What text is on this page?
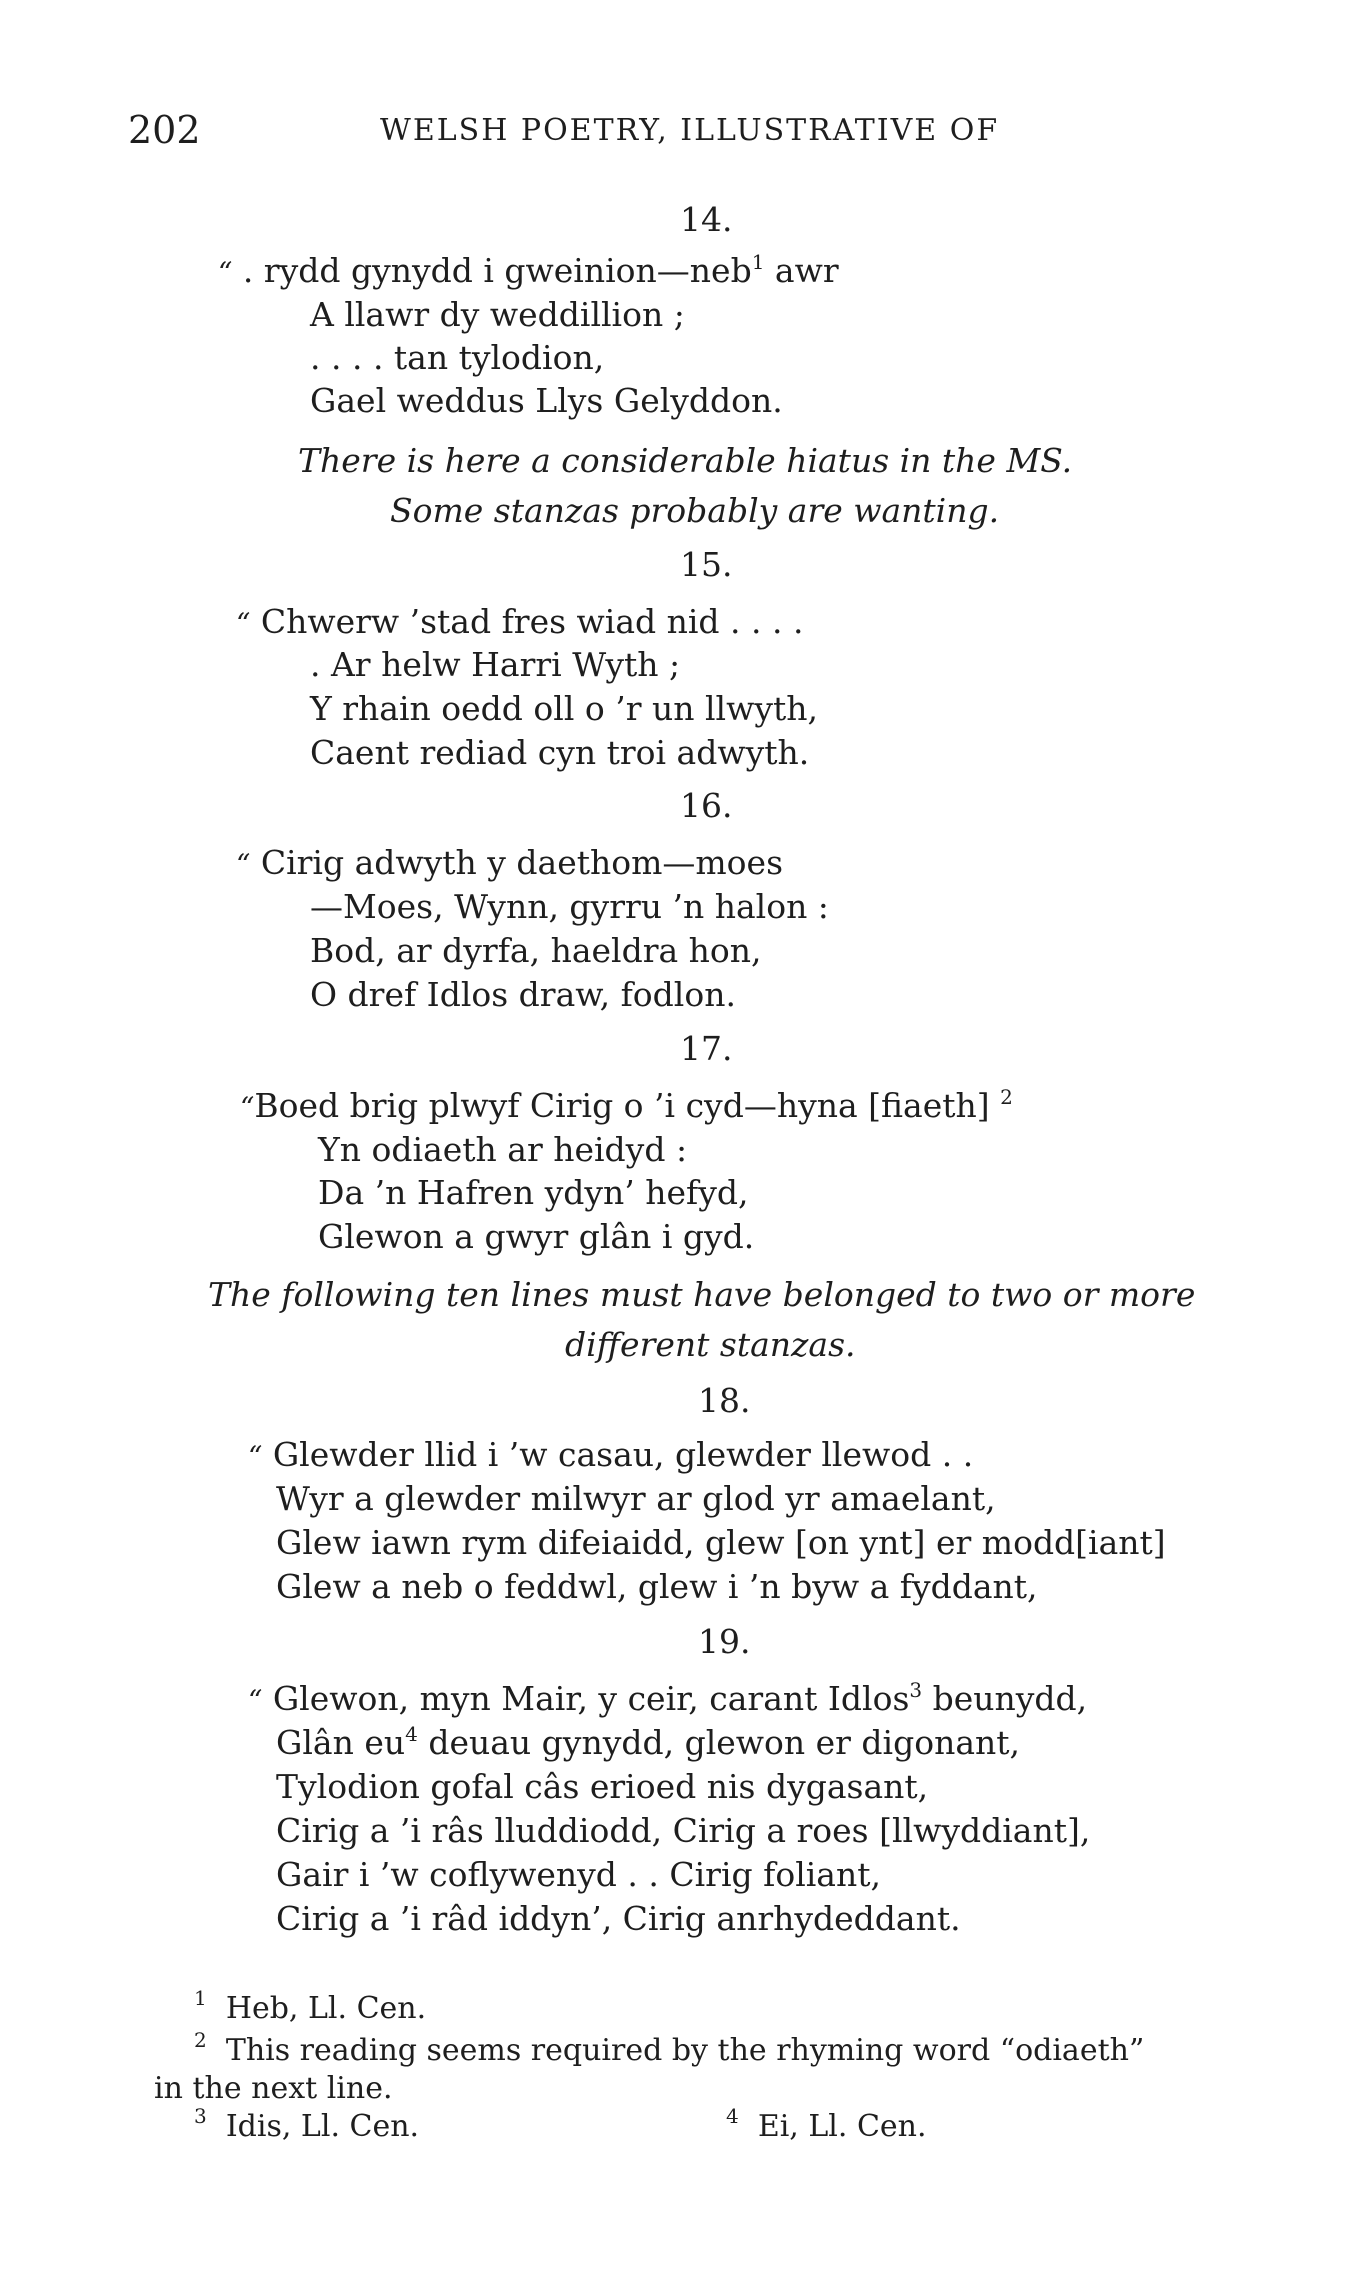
202	WELSH POETRY, ILLUSTRATIVE OF
14.
“ . rydd gynydd i gweinion—neb$^1$ awr
A llawr dy weddillion ;
. . . . tan tylodion,
Gael weddus Llys Gelyddon.
There is here a considerable hiatus in the MS.
Some stanzas probably are wanting.
15.
“ Chwerw ’stad fres wiad nid . . . .
. Ar helw Harri Wyth ;
Y rhain oedd oll o ’r un llwyth,
Caent rediad cyn troi adwyth.
16.
“ Cirig adwyth y daethom—moes
—Moes, Wynn, gyrru ’n halon :
Bod, ar dyrfa, haeldra hon,
O dref Idlos draw, fodlon.
17.
“Boed brig plwyf Cirig o ’i cyd—hyna [fiaeth] $^2$
Yn odiaeth ar heidyd :
Da ’n Hafren ydyn’ hefyd,
Glewon a gwyr glân i gyd.
The following ten lines must have belonged to two or more
different stanzas.
18.
“ Glewder llid i ’w casau, glewder llewod . .
Wyr a glewder milwyr ar glod yr amaelant,
Glew iawn rym difeiaidd, glew [on ynt] er modd[iant]
Glew a neb o feddwl, glew i ’n byw a fyddant,
19.
“ Glewon, myn Mair, y ceir, carant Idlos$^3$ beunydd,
Glân $eu^4$ deuau gynydd, glewon er digonant,
Tylodion gofal câs erioed nis dygasant,
Cirig a ’i râs lluddiodd, Cirig a roes [llwyddiant],
Gair i ’w coflywenyd . . Cirig foliant,
Cirig a ’i râd iddyn’, Cirig anrhydeddant.
$^1$ Heb, Ll. Cen.
$^2$ This reading seems required by the rhyming word “odiaeth”
in the next line.
$^3$ Idis, Ll. Cen.	$^4$ Ei, Ll. Cen.
